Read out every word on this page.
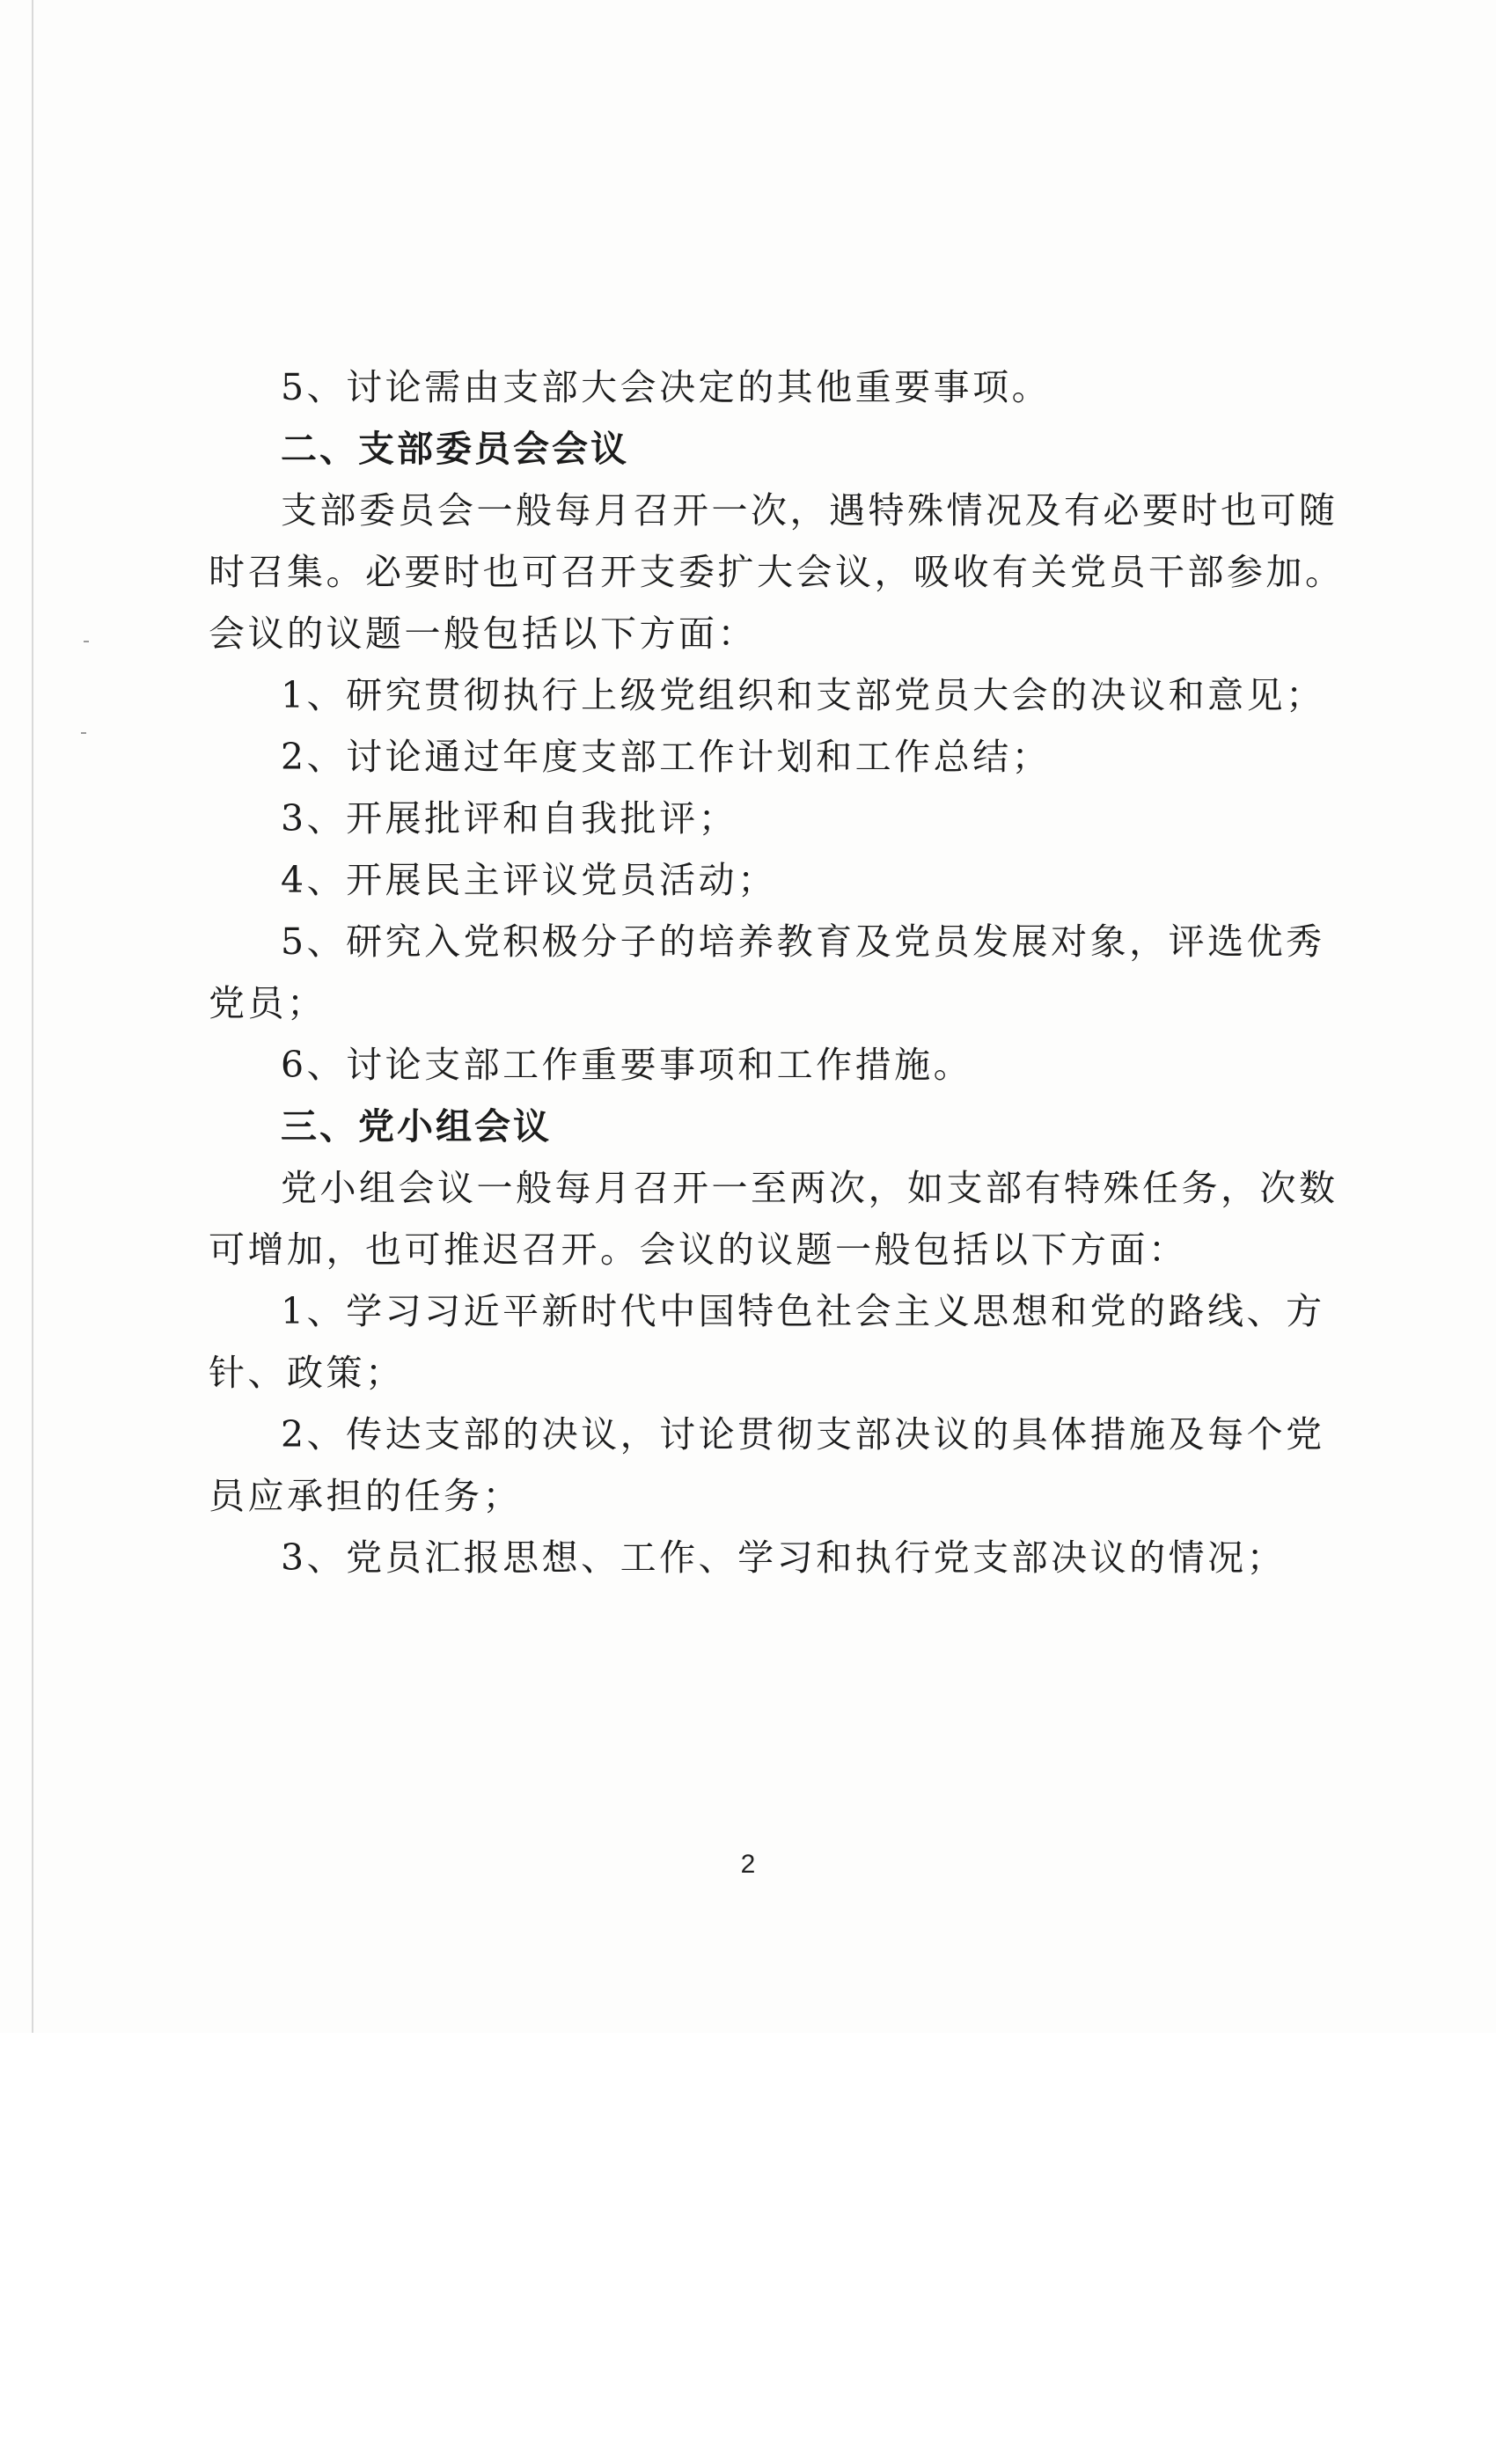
5、讨论需由支部大会决定的其他重要事项。

二、支部委员会会议

支部委员会一般每月召开一次，遇特殊情况及有必要时也可随

时召集。必要时也可召开支委扩大会议，吸收有关党员干部参加。

会议的议题一般包括以下方面：

1、研究贯彻执行上级党组织和支部党员大会的决议和意见；

2、讨论通过年度支部工作计划和工作总结；

3、开展批评和自我批评；

4、开展民主评议党员活动；

5、研究入党积极分子的培养教育及党员发展对象，评选优秀

党员；

6、讨论支部工作重要事项和工作措施。

三、党小组会议

党小组会议一般每月召开一至两次，如支部有特殊任务，次数

可增加，也可推迟召开。会议的议题一般包括以下方面：

1、学习习近平新时代中国特色社会主义思想和党的路线、方

针、政策；

2、传达支部的决议，讨论贯彻支部决议的具体措施及每个党

员应承担的任务；

3、党员汇报思想、工作、学习和执行党支部决议的情况；

2
